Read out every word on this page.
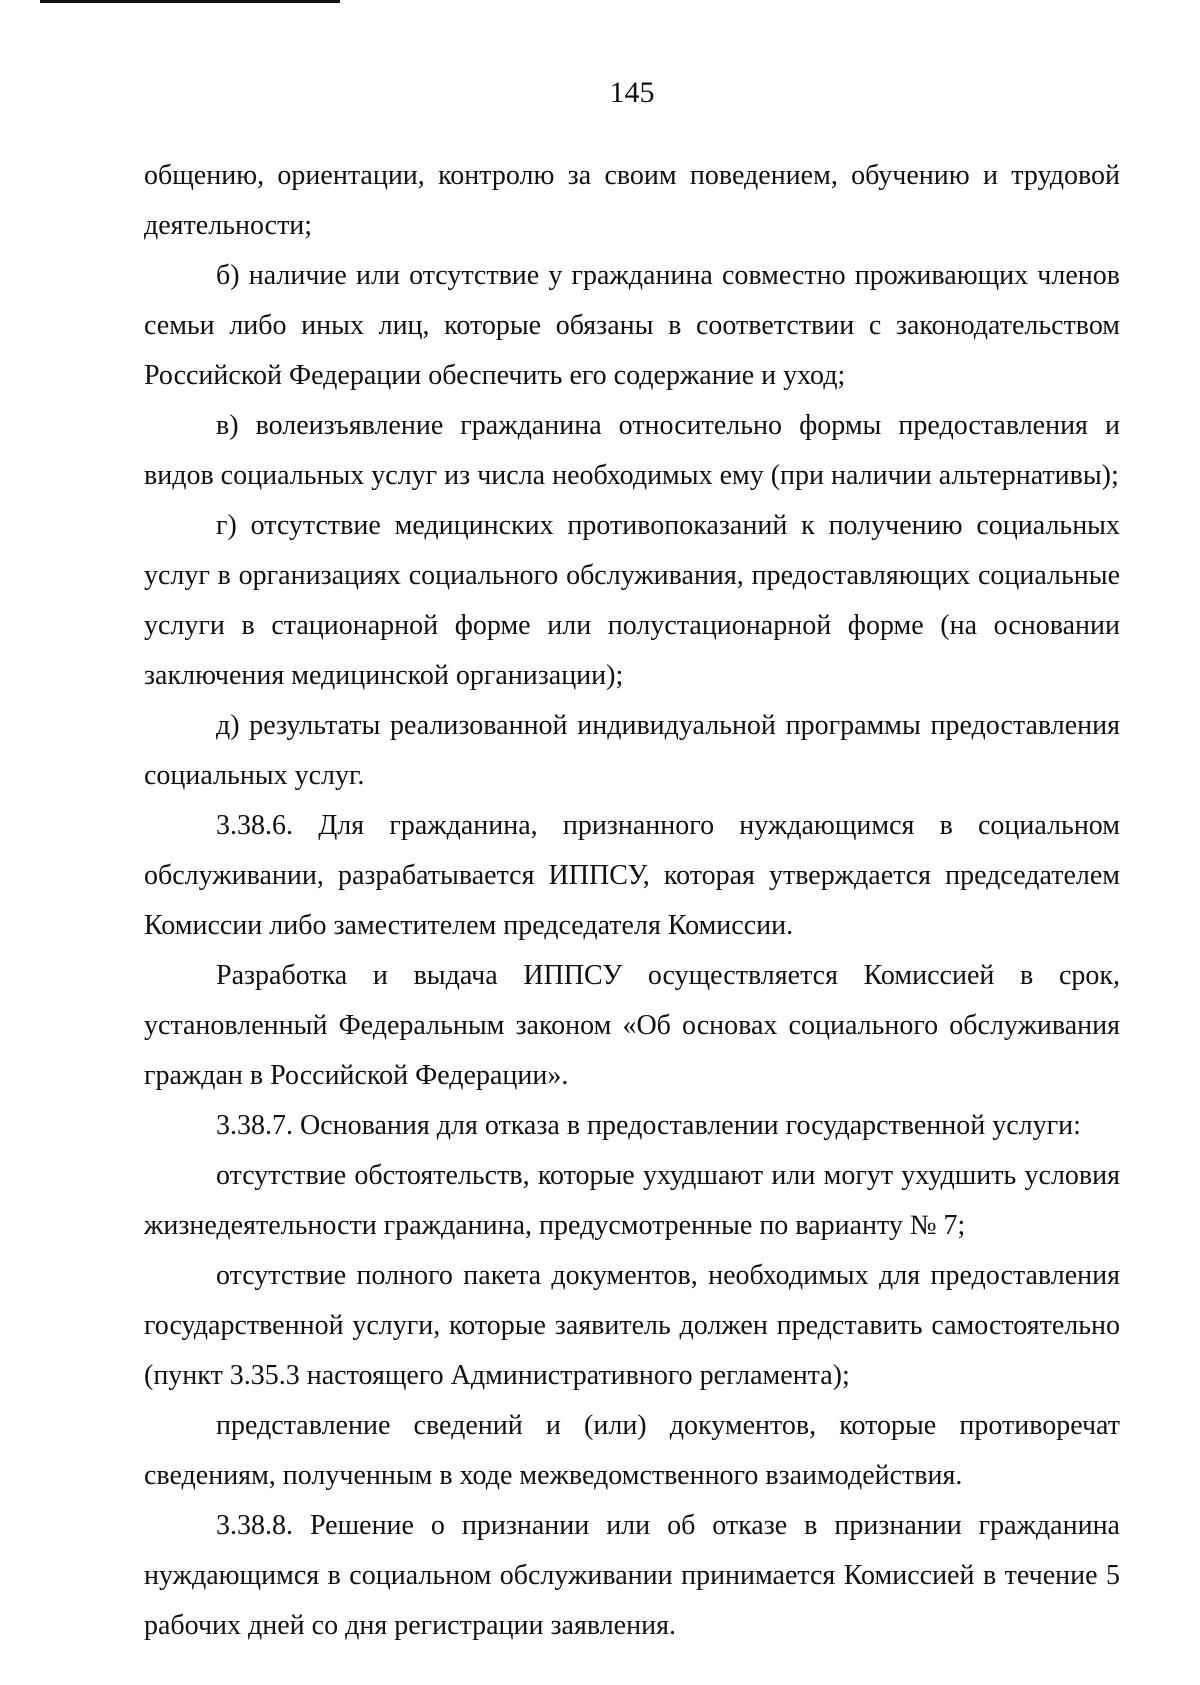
145

общению, ориентации, контролю за своим поведением, обучению и трудовой деятельности;

б) наличие или отсутствие у гражданина совместно проживающих членов семьи либо иных лиц, которые обязаны в соответствии с законодательством Российской Федерации обеспечить его содержание и уход;

в) волеизъявление гражданина относительно формы предоставления и видов социальных услуг из числа необходимых ему (при наличии альтернативы);

г) отсутствие медицинских противопоказаний к получению социальных услуг в организациях социального обслуживания, предоставляющих социальные услуги в стационарной форме или полустационарной форме (на основании заключения медицинской организации);

д) результаты реализованной индивидуальной программы предоставления социальных услуг.

3.38.6. Для гражданина, признанного нуждающимся в социальном обслуживании, разрабатывается ИППСУ, которая утверждается председателем Комиссии либо заместителем председателя Комиссии.

Разработка и выдача ИППСУ осуществляется Комиссией в срок, установленный Федеральным законом «Об основах социального обслуживания граждан в Российской Федерации».

3.38.7. Основания для отказа в предоставлении государственной услуги:

отсутствие обстоятельств, которые ухудшают или могут ухудшить условия жизнедеятельности гражданина, предусмотренные по варианту № 7;

отсутствие полного пакета документов, необходимых для предоставления государственной услуги, которые заявитель должен представить самостоятельно (пункт 3.35.3 настоящего Административного регламента);

представление сведений и (или) документов, которые противоречат сведениям, полученным в ходе межведомственного взаимодействия.

3.38.8. Решение о признании или об отказе в признании гражданина нуждающимся в социальном обслуживании принимается Комиссией в течение 5 рабочих дней со дня регистрации заявления.
